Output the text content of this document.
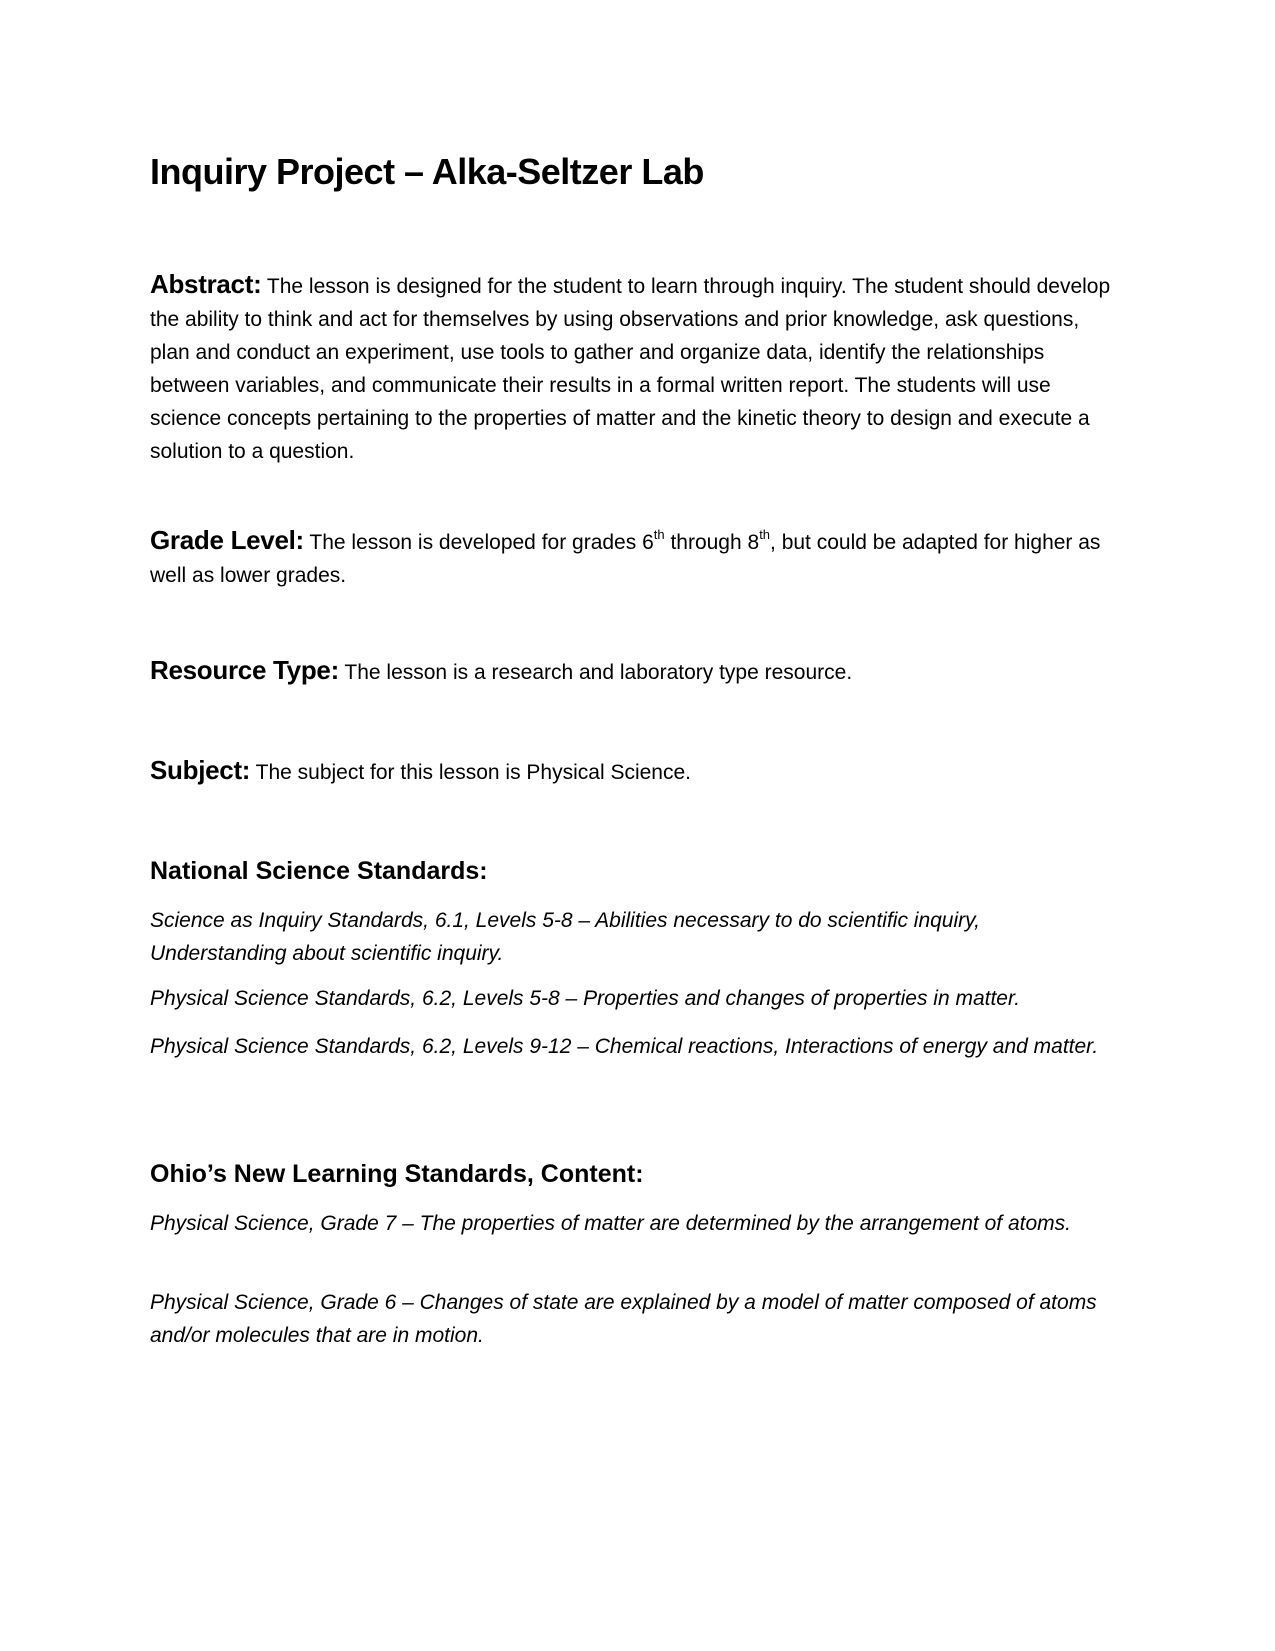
Inquiry Project – Alka-Seltzer Lab
Abstract: The lesson is designed for the student to learn through inquiry. The student should develop the ability to think and act for themselves by using observations and prior knowledge, ask questions, plan and conduct an experiment, use tools to gather and organize data, identify the relationships between variables, and communicate their results in a formal written report. The students will use science concepts pertaining to the properties of matter and the kinetic theory to design and execute a solution to a question.
Grade Level: The lesson is developed for grades 6th through 8th, but could be adapted for higher as well as lower grades.
Resource Type: The lesson is a research and laboratory type resource.
Subject: The subject for this lesson is Physical Science.
National Science Standards:
Science as Inquiry Standards, 6.1, Levels 5-8 – Abilities necessary to do scientific inquiry, Understanding about scientific inquiry.
Physical Science Standards, 6.2, Levels 5-8 – Properties and changes of properties in matter.
Physical Science Standards, 6.2, Levels 9-12 – Chemical reactions, Interactions of energy and matter.
Ohio’s New Learning Standards, Content:
Physical Science, Grade 7 – The properties of matter are determined by the arrangement of atoms.
Physical Science, Grade 6 – Changes of state are explained by a model of matter composed of atoms and/or molecules that are in motion.
